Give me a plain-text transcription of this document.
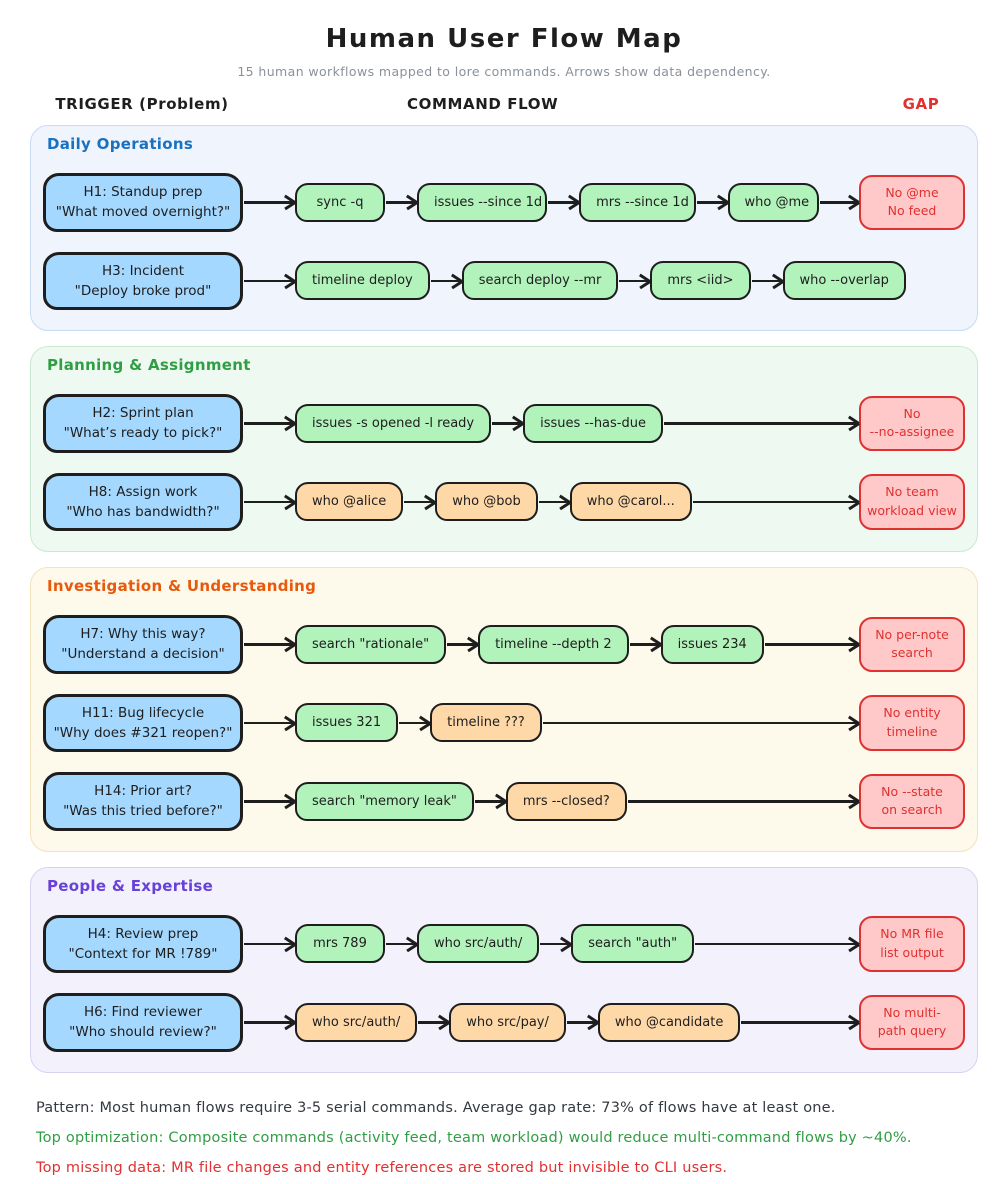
Human User Flow Map
15 human workflows mapped to lore commands. Arrows show data dependency.
TRIGGER (Problem)	COMMAND FLOW	GAP
Daily Operations
H1: Standup prep
"What moved overnight?"
sync -q	issues --since 1d	mrs --since 1d	who @me
No @me
No feed
H3: Incident
"Deploy broke prod"
timeline deploy	search deploy --mr	mrs <iid>	who --overlap
Planning & Assignment
H2: Sprint plan
"What’s ready to pick?"
issues -s opened -l ready	issues --has-due
No
--no-assignee
H8: Assign work
"Who has bandwidth?"
who @alice	who @bob	who @carol...
No team
workload view
Investigation & Understanding
H7: Why this way?
"Understand a decision"
search "rationale"	timeline --depth 2	issues 234
No per-note
search
H11: Bug lifecycle
"Why does #321 reopen?"
issues 321	timeline ???
No entity
timeline
H14: Prior art?
"Was this tried before?"
search "memory leak"	mrs --closed?
No --state
on search
People & Expertise
H4: Review prep
"Context for MR !789"
mrs 789	who src/auth/	search "auth"
No MR file
list output
H6: Find reviewer
"Who should review?"
who src/auth/	who src/pay/	who @candidate
No multi-
path query
Pattern: Most human flows require 3-5 serial commands. Average gap rate: 73% of flows have at least one.
Top optimization: Composite commands (activity feed, team workload) would reduce multi-command flows by ~40%.
Top missing data: MR file changes and entity references are stored but invisible to CLI users.
